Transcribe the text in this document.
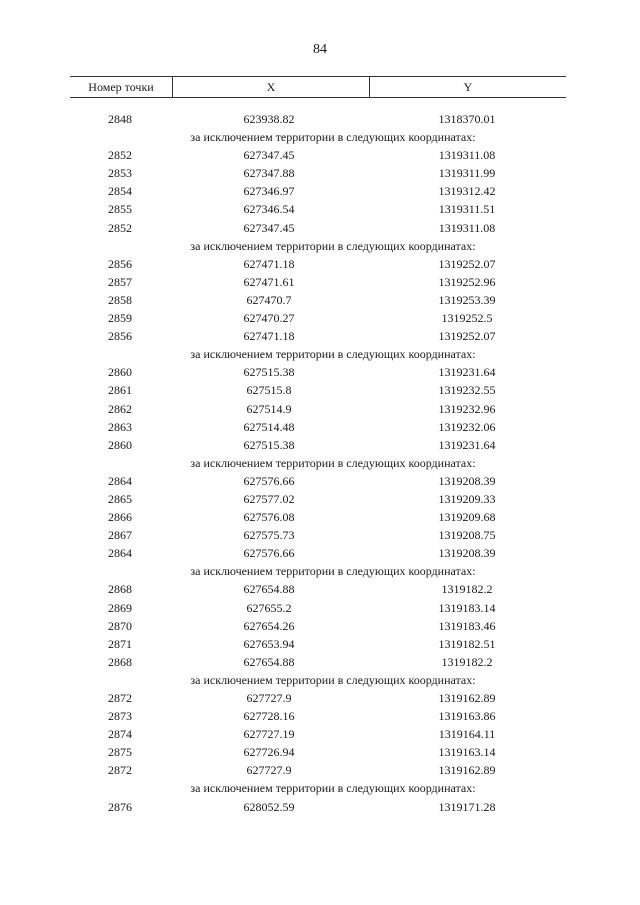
84
Номер точки	X	Y
2848	623938.82	1318370.01
за исключением территории в следующих координатах:
2852	627347.45	1319311.08
2853	627347.88	1319311.99
2854	627346.97	1319312.42
2855	627346.54	1319311.51
2852	627347.45	1319311.08
за исключением территории в следующих координатах:
2856	627471.18	1319252.07
2857	627471.61	1319252.96
2858	627470.7	1319253.39
2859	627470.27	1319252.5
2856	627471.18	1319252.07
за исключением территории в следующих координатах:
2860	627515.38	1319231.64
2861	627515.8	1319232.55
2862	627514.9	1319232.96
2863	627514.48	1319232.06
2860	627515.38	1319231.64
за исключением территории в следующих координатах:
2864	627576.66	1319208.39
2865	627577.02	1319209.33
2866	627576.08	1319209.68
2867	627575.73	1319208.75
2864	627576.66	1319208.39
за исключением территории в следующих координатах:
2868	627654.88	1319182.2
2869	627655.2	1319183.14
2870	627654.26	1319183.46
2871	627653.94	1319182.51
2868	627654.88	1319182.2
за исключением территории в следующих координатах:
2872	627727.9	1319162.89
2873	627728.16	1319163.86
2874	627727.19	1319164.11
2875	627726.94	1319163.14
2872	627727.9	1319162.89
за исключением территории в следующих координатах:
2876	628052.59	1319171.28
